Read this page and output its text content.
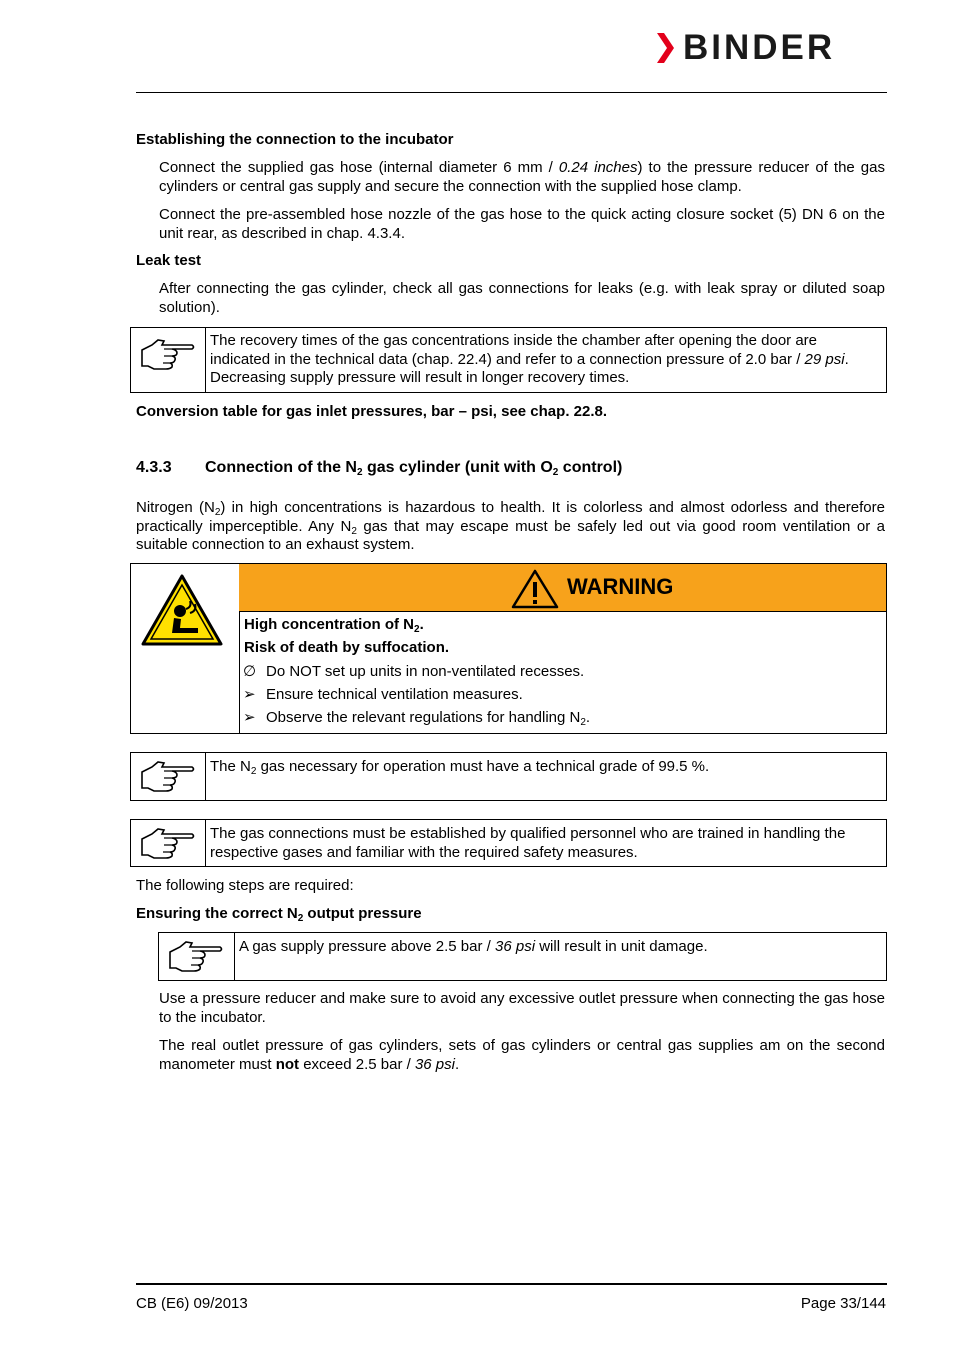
BINDER
Establishing the connection to the incubator
Connect the supplied gas hose (internal diameter 6 mm / 0.24 inches) to the pressure reducer of the gas cylinders or central gas supply and secure the connection with the supplied hose clamp.
Connect the pre-assembled hose nozzle of the gas hose to the quick acting closure socket (5) DN 6 on the unit rear, as described in chap. 4.3.4.
Leak test
After connecting the gas cylinder, check all gas connections for leaks (e.g. with leak spray or diluted soap solution).
The recovery times of the gas concentrations inside the chamber after opening the door are indicated in the technical data (chap. 22.4) and refer to a connection pressure of 2.0 bar / 29 psi. Decreasing supply pressure will result in longer recovery times.
Conversion table for gas inlet pressures, bar – psi, see chap. 22.8.
4.3.3 Connection of the $N_2$ gas cylinder (unit with $O_2$ control)
Nitrogen $(N_2)$ in high concentrations is hazardous to health. It is colorless and almost odorless and therefore practically imperceptible. Any $N_2$ gas that may escape must be safely led out via good room ventilation or a suitable connection to an exhaust system.
WARNING
High concentration of $N_2$.
Risk of death by suffocation.
∅ Do NOT set up units in non-ventilated recesses.
➢ Ensure technical ventilation measures.
➢ Observe the relevant regulations for handling $N_2$.
The $N_2$ gas necessary for operation must have a technical grade of 99.5 %.
The gas connections must be established by qualified personnel who are trained in handling the respective gases and familiar with the required safety measures.
The following steps are required:
Ensuring the correct $N_2$ output pressure
A gas supply pressure above 2.5 bar / 36 psi will result in unit damage.
Use a pressure reducer and make sure to avoid any excessive outlet pressure when connecting the gas hose to the incubator.
The real outlet pressure of gas cylinders, sets of gas cylinders or central gas supplies am on the second manometer must not exceed 2.5 bar / 36 psi.
CB (E6) 09/2013	Page 33/144
